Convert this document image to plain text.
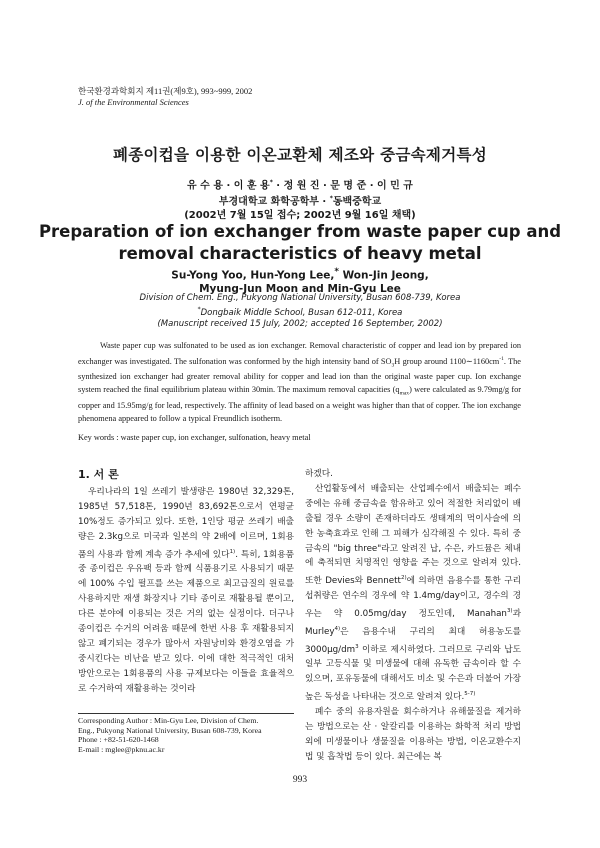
한국환경과학회지 제11권(제9호), 993~999, 2002
J. of the Environmental Sciences
폐종이컵을 이용한 이온교환체 제조와 중금속제거특성
유 수 용 · 이 훈 용* · 정 원 진 · 문 명 준 · 이 민 규
부경대학교 화학공학부 · *동백중학교
(2002년 7월 15일 접수; 2002년 9월 16일 채택)
Preparation of ion exchanger from waste paper cup and
removal characteristics of heavy metal
Su-Yong Yoo, Hun-Yong Lee,* Won-Jin Jeong,
Myung-Jun Moon and Min-Gyu Lee
Division of Chem. Eng., Pukyong National University, Busan 608-739, Korea
*Dongbaik Middle School, Busan 612-011, Korea
(Manuscript received 15 July, 2002; accepted 16 September, 2002)
Waste paper cup was sulfonated to be used as ion exchanger. Removal characteristic of copper and lead ion by prepared ion exchanger was investigated. The sulfonation was conformed by the high intensity band of $SO_3H$ group around $1100\sim 1160cm^{-1}$. The synthesized ion exchanger had greater removal ability for copper and lead ion than the original waste paper cup. Ion exchange system reached the final equilibrium plateau within 30min. The maximum removal capacities $(q_{max})$ were calculated as 9.79mg/g for copper and 15.95mg/g for lead, respectively. The affinity of lead based on a weight was higher than that of copper. The ion exchange phenomena appeared to follow a typical Freundlich isotherm.
Key words : waste paper cup, ion exchanger, sulfonation, heavy metal

1. 서 론

우리나라의 1일 쓰레기 발생량은 1980년 32,329톤, 1985년 57,518톤, 1990년 83,692톤으로서 연평균 10%정도 증가되고 있다. 또한, 1인당 평균 쓰레기 배출량은 2.3kg으로 미국과 일본의 약 2배에 이르며, 1회용품의 사용과 함께 계속 증가 추세에 있다$^{1)}$. 특히, 1회용품 중 종이컵은 우유팩 등과 함께 식품용기로 사용되기 때문에 100% 수입 펄프를 쓰는 제품으로 최고급질의 원료를 사용하지만 재생 화장지나 기타 종이로 재활용될 뿐이고, 다른 분야에 이용되는 것은 거의 없는 실정이다. 더구나 종이컵은 수거의 어려움 때문에 한번 사용 후 재활용되지 않고 폐기되는 경우가 많아서 자원낭비와 환경오염을 가중시킨다는 비난을 받고 있다. 이에 대한 적극적인 대처 방안으로는 1회용품의 사용 규제보다는 이들을 효율적으로 수거하여 재활용하는 것이라

하겠다.

산업활동에서 배출되는 산업폐수에서 배출되는 폐수 중에는 유해 중금속을 함유하고 있어 적절한 처리없이 배출될 경우 소량이 존재하더라도 생태계의 먹이사슬에 의한 농축효과로 인해 그 피해가 심각해질 수 있다. 특히 중금속의 "big three"라고 알려진 납, 수은, 카드뮴은 체내에 축적되면 치명적인 영향을 주는 것으로 알려져 있다. 또한 Devies와 Bennett$^{2)}$에 의하면 음용수를 통한 구리 섭취량은 연수의 경우에 약 1.4mg/day이고, 경수의 경우는 약 0.05mg/day 정도인데, Manahan$^{3)}$과 Murley$^{4)}$은 음용수내 구리의 최대 허용농도를 $3000\mu g/dm^3$ 이하로 제시하였다. 그러므로 구리와 납도 일부 고등식물 및 미생물에 대해 유독한 금속이라 할 수 있으며, 포유동물에 대해서도 비소 및 수은과 더불어 가장 높은 독성을 나타내는 것으로 알려져 있다.$^{5-7)}$

폐수 중의 유용자원을 회수하거나 유해물질을 제거하는 방법으로는 산 · 알칼리를 이용하는 화학적 처리 방법외에 미생물이나 생물질을 이용하는 방법, 이온교환수지법 및 흡착법 등이 있다. 최근에는 복

Corresponding Author : Min-Gyu Lee, Division of Chem.
Eng., Pukyong National University, Busan 608-739, Korea
Phone : +82-51-620-1468
E-mail : mglee@pknu.ac.kr
993
